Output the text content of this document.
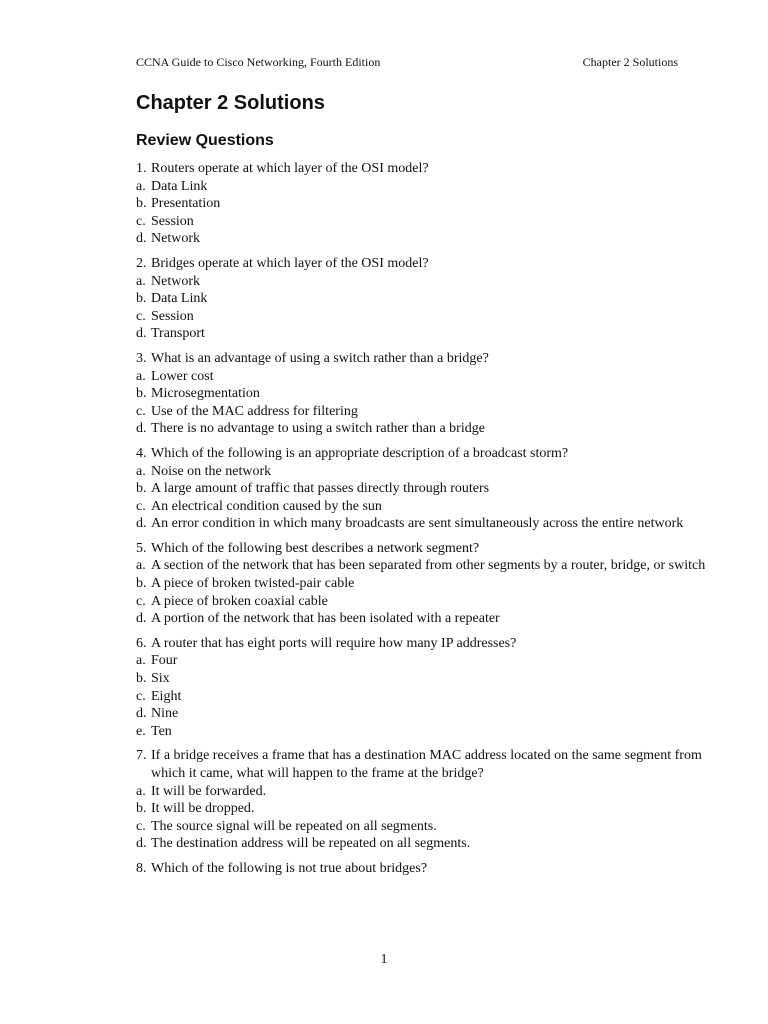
CCNA Guide to Cisco Networking, Fourth Edition	Chapter 2 Solutions
Chapter 2 Solutions
Review Questions
1. Routers operate at which layer of the OSI model?
a. Data Link
b. Presentation
c. Session
d. Network
2. Bridges operate at which layer of the OSI model?
a. Network
b. Data Link
c. Session
d. Transport
3. What is an advantage of using a switch rather than a bridge?
a. Lower cost
b. Microsegmentation
c. Use of the MAC address for filtering
d. There is no advantage to using a switch rather than a bridge
4. Which of the following is an appropriate description of a broadcast storm?
a. Noise on the network
b. A large amount of traffic that passes directly through routers
c. An electrical condition caused by the sun
d. An error condition in which many broadcasts are sent simultaneously across the entire network
5. Which of the following best describes a network segment?
a. A section of the network that has been separated from other segments by a router, bridge, or switch
b. A piece of broken twisted-pair cable
c. A piece of broken coaxial cable
d. A portion of the network that has been isolated with a repeater
6. A router that has eight ports will require how many IP addresses?
a. Four
b. Six
c. Eight
d. Nine
e. Ten
7. If a bridge receives a frame that has a destination MAC address located on the same segment from which it came, what will happen to the frame at the bridge?
a. It will be forwarded.
b. It will be dropped.
c. The source signal will be repeated on all segments.
d. The destination address will be repeated on all segments.
8. Which of the following is not true about bridges?
1
